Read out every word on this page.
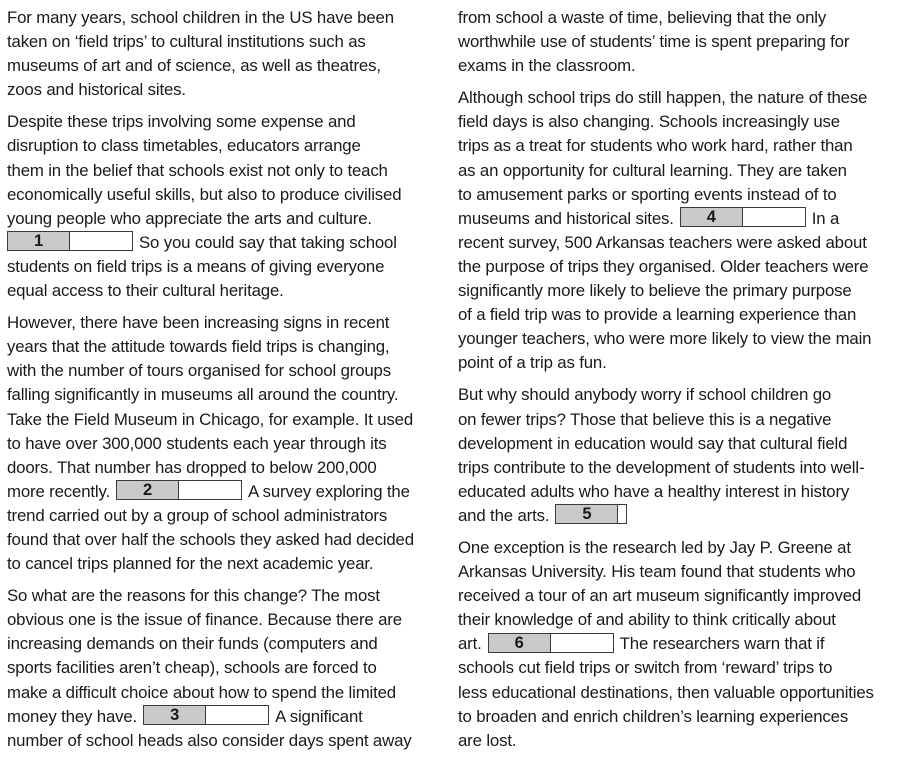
For many years, school children in the US have been
taken on ‘field trips’ to cultural institutions such as
museums of art and of science, as well as theatres,
zoos and historical sites.

Despite these trips involving some expense and
disruption to class timetables, educators arrange
them in the belief that schools exist not only to teach
economically useful skills, but also to produce civilised
young people who appreciate the arts and culture.
1	So you could say that taking school
students on field trips is a means of giving everyone
equal access to their cultural heritage.

However, there have been increasing signs in recent
years that the attitude towards field trips is changing,
with the number of tours organised for school groups
falling significantly in museums all around the country.
Take the Field Museum in Chicago, for example. It used
to have over 300,000 students each year through its
doors. That number has dropped to below 200,000
more recently. 2	A survey exploring the
trend carried out by a group of school administrators
found that over half the schools they asked had decided
to cancel trips planned for the next academic year.

So what are the reasons for this change? The most
obvious one is the issue of finance. Because there are
increasing demands on their funds (computers and
sports facilities aren’t cheap), schools are forced to
make a difficult choice about how to spend the limited
money they have. 3	A significant
number of school heads also consider days spent away

from school a waste of time, believing that the only
worthwhile use of students’ time is spent preparing for
exams in the classroom.

Although school trips do still happen, the nature of these
field days is also changing. Schools increasingly use
trips as a treat for students who work hard, rather than
as an opportunity for cultural learning. They are taken
to amusement parks or sporting events instead of to
museums and historical sites. 4	In a
recent survey, 500 Arkansas teachers were asked about
the purpose of trips they organised. Older teachers were
significantly more likely to believe the primary purpose
of a field trip was to provide a learning experience than
younger teachers, who were more likely to view the main
point of a trip as fun.

But why should anybody worry if school children go
on fewer trips? Those that believe this is a negative
development in education would say that cultural field
trips contribute to the development of students into well-
educated adults who have a healthy interest in history
and the arts. 5

One exception is the research led by Jay P. Greene at
Arkansas University. His team found that students who
received a tour of an art museum significantly improved
their knowledge of and ability to think critically about
art. 6	The researchers warn that if
schools cut field trips or switch from ‘reward’ trips to
less educational destinations, then valuable opportunities
to broaden and enrich children’s learning experiences
are lost.
